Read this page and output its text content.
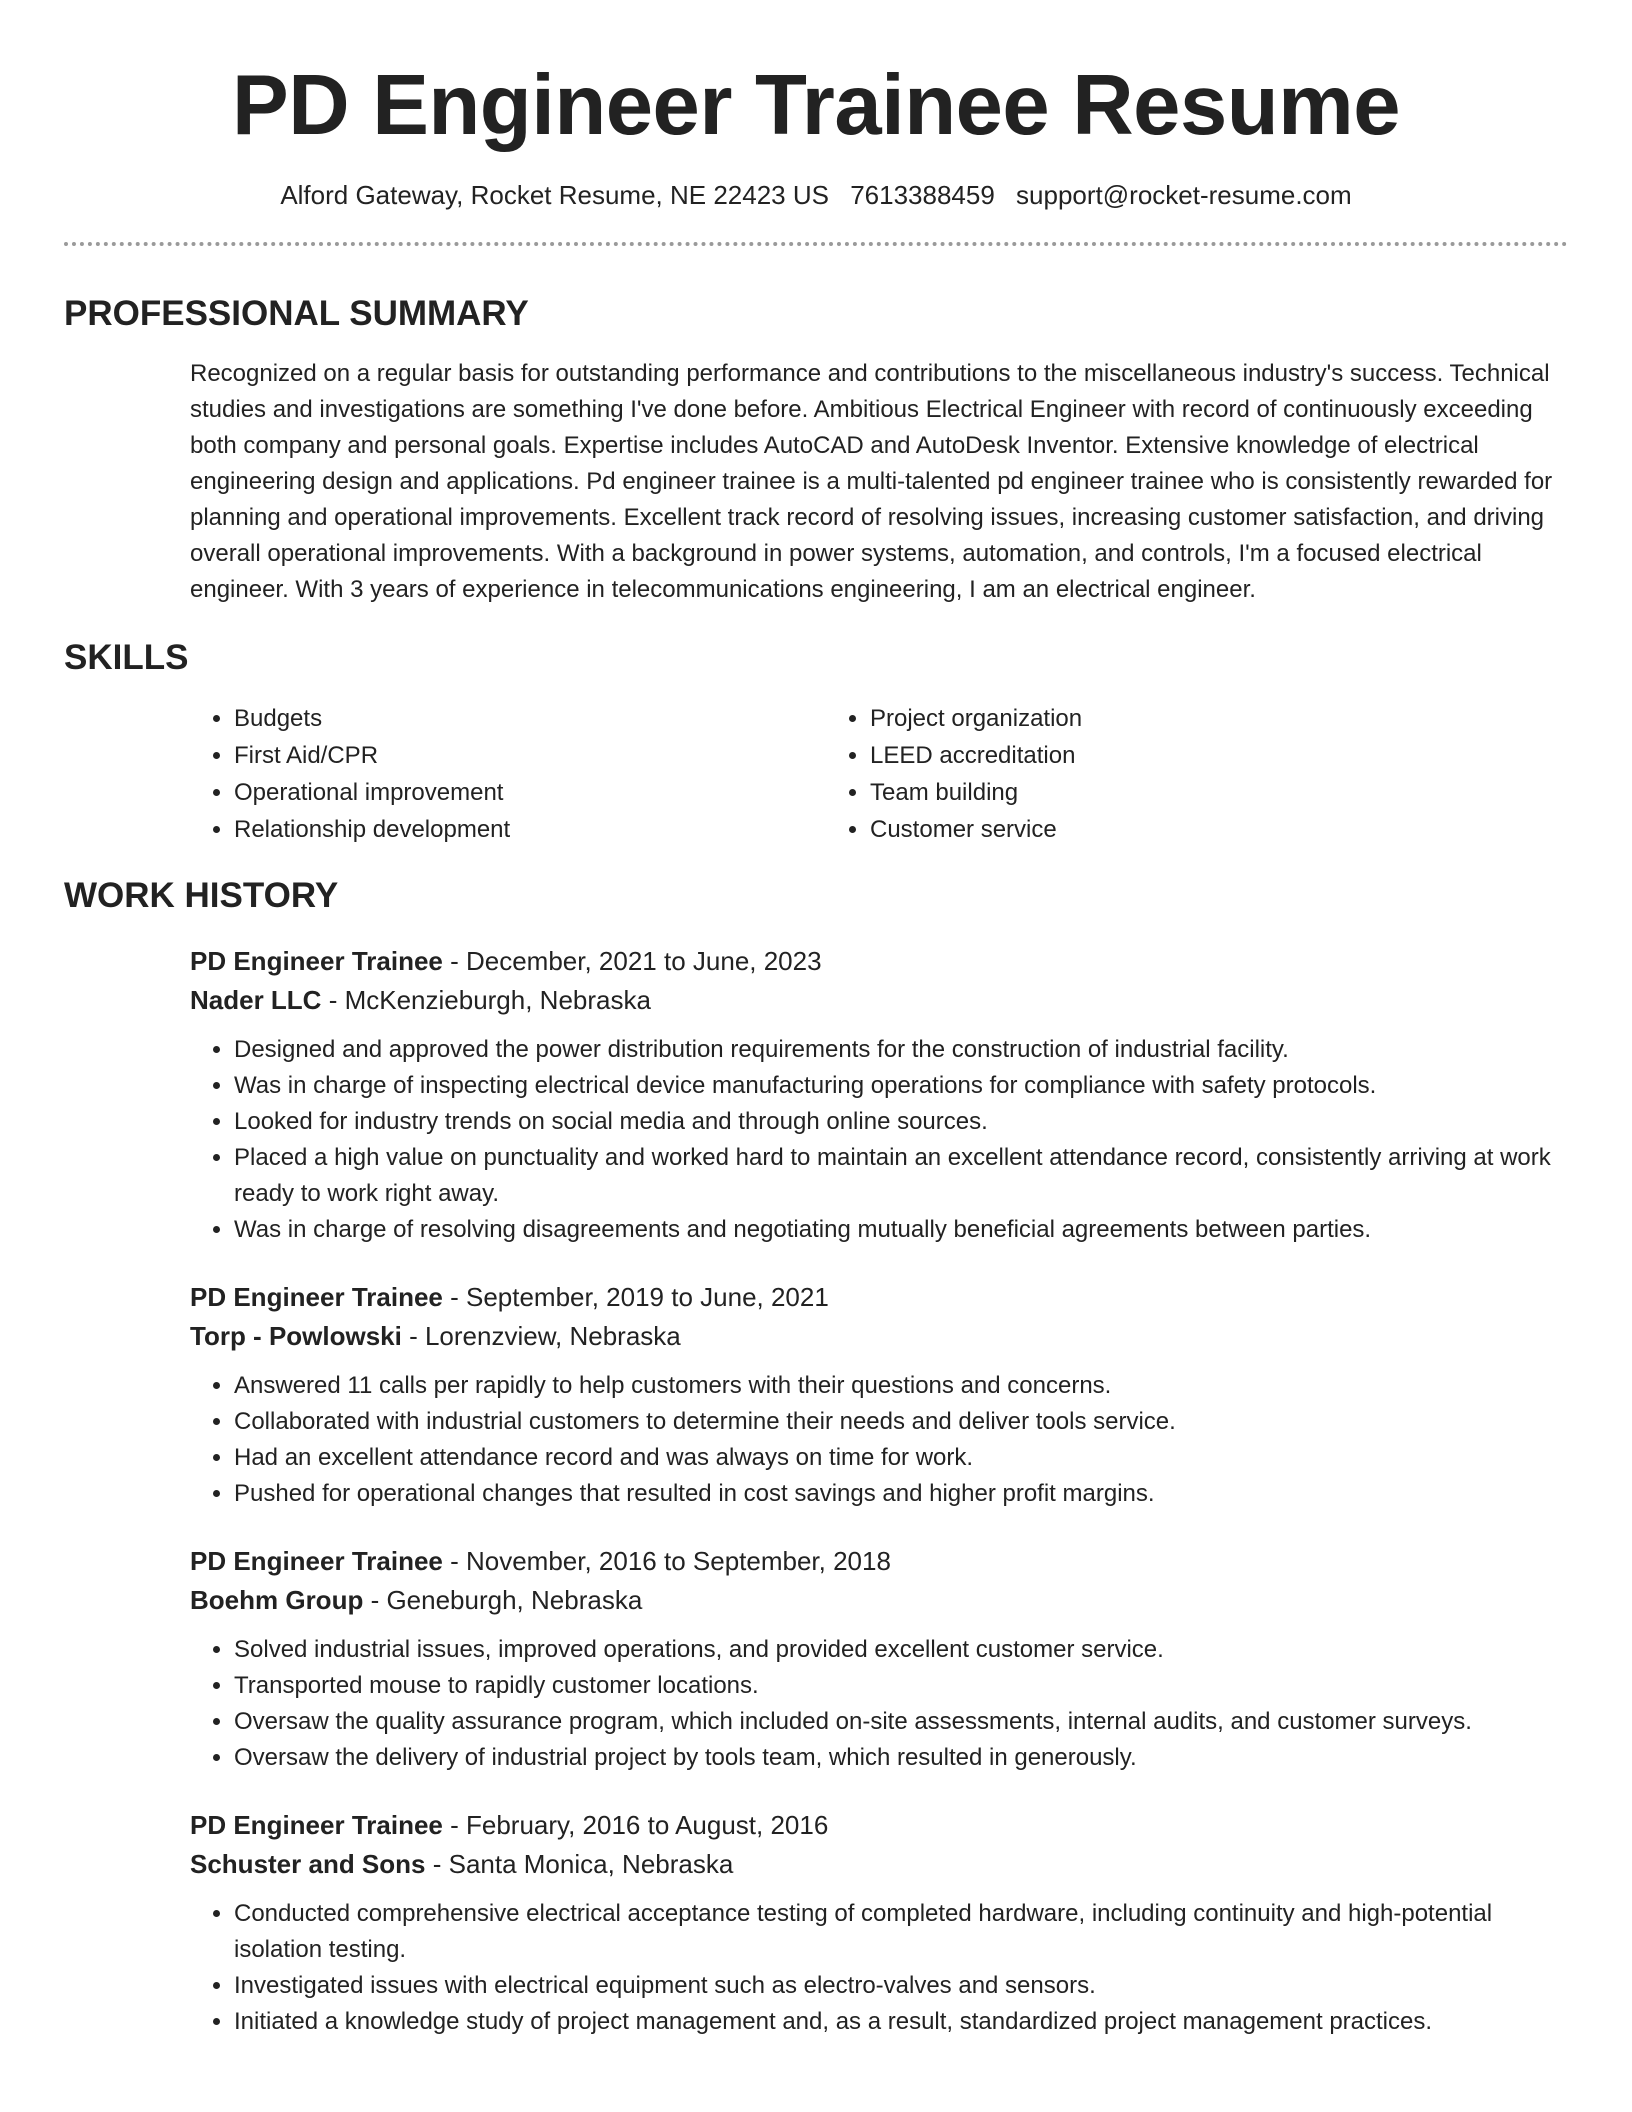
PD Engineer Trainee Resume
Alford Gateway, Rocket Resume, NE 22423 US 7613388459 support@rocket-resume.com
PROFESSIONAL SUMMARY

Recognized on a regular basis for outstanding performance and contributions to the miscellaneous industry's success. Technical studies and investigations are something I've done before. Ambitious Electrical Engineer with record of continuously exceeding both company and personal goals. Expertise includes AutoCAD and AutoDesk Inventor. Extensive knowledge of electrical engineering design and applications. Pd engineer trainee is a multi-talented pd engineer trainee who is consistently rewarded for planning and operational improvements. Excellent track record of resolving issues, increasing customer satisfaction, and driving overall operational improvements. With a background in power systems, automation, and controls, I'm a focused electrical engineer. With 3 years of experience in telecommunications engineering, I am an electrical engineer.

SKILLS
• Budgets
• First Aid/CPR
• Operational improvement
• Relationship development
• Project organization
• LEED accreditation
• Team building
• Customer service
WORK HISTORY
PD Engineer Trainee - December, 2021 to June, 2023
Nader LLC - McKenzieburgh, Nebraska
• Designed and approved the power distribution requirements for the construction of industrial facility.
• Was in charge of inspecting electrical device manufacturing operations for compliance with safety protocols.
• Looked for industry trends on social media and through online sources.
• Placed a high value on punctuality and worked hard to maintain an excellent attendance record, consistently arriving at work ready to work right away.
• Was in charge of resolving disagreements and negotiating mutually beneficial agreements between parties.
PD Engineer Trainee - September, 2019 to June, 2021
Torp - Powlowski - Lorenzview, Nebraska
• Answered 11 calls per rapidly to help customers with their questions and concerns.
• Collaborated with industrial customers to determine their needs and deliver tools service.
• Had an excellent attendance record and was always on time for work.
• Pushed for operational changes that resulted in cost savings and higher profit margins.
PD Engineer Trainee - November, 2016 to September, 2018
Boehm Group - Geneburgh, Nebraska
• Solved industrial issues, improved operations, and provided excellent customer service.
• Transported mouse to rapidly customer locations.
• Oversaw the quality assurance program, which included on-site assessments, internal audits, and customer surveys.
• Oversaw the delivery of industrial project by tools team, which resulted in generously.
PD Engineer Trainee - February, 2016 to August, 2016
Schuster and Sons - Santa Monica, Nebraska
• Conducted comprehensive electrical acceptance testing of completed hardware, including continuity and high-potential isolation testing.
• Investigated issues with electrical equipment such as electro-valves and sensors.
• Initiated a knowledge study of project management and, as a result, standardized project management practices.
